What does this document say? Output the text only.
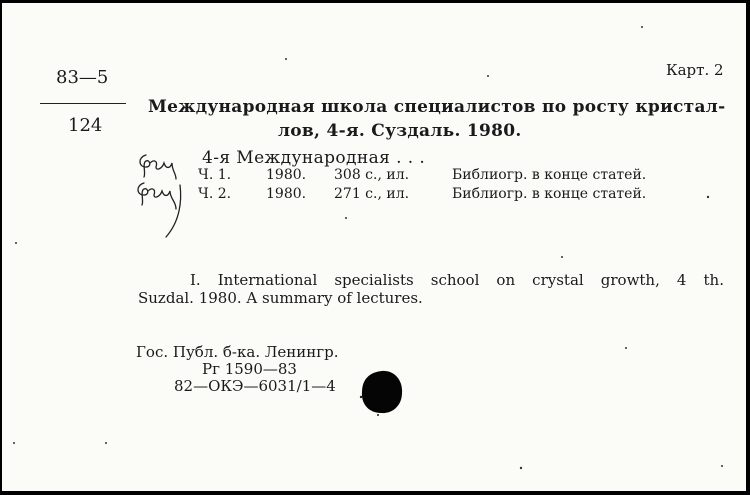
83—5
124
Карт. 2
Международная школа специалистов по росту кристал-
лов, 4-я. Суздаль. 1980.
4-я Международная . . .
Ч. 1. 1980. 308 с., ил.	Библиогр. в конце статей.
Ч. 2. 1980. 271 с., ил.	Библиогр. в конце статей.
I. International specialists school on crystal growth, 4 th.
Suzdal. 1980. A summary of lectures.
Гос. Публ. б-ка. Ленингр.
Рг 1590—83
82—ОКЭ—6031/1—4
